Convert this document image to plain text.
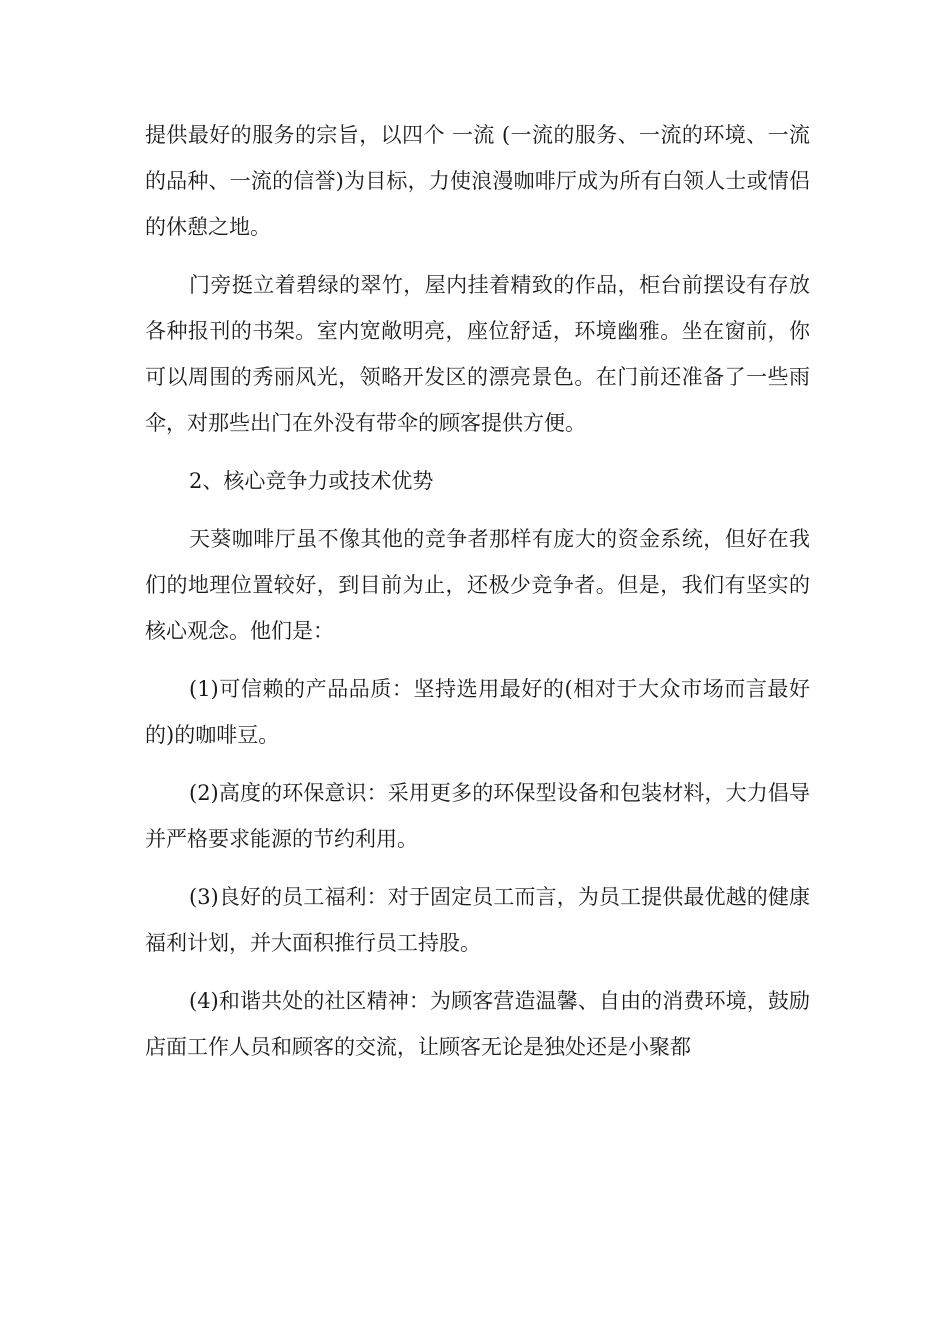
提供最好的服务的宗旨，以四个 一流 (一流的服务、一流的环境、一流的品种、一流的信誉)为目标，力使浪漫咖啡厅成为所有白领人士或情侣的休憩之地。

门旁挺立着碧绿的翠竹，屋内挂着精致的作品，柜台前摆设有存放各种报刊的书架。室内宽敞明亮，座位舒适，环境幽雅。坐在窗前，你可以周围的秀丽风光，领略开发区的漂亮景色。在门前还准备了一些雨伞，对那些出门在外没有带伞的顾客提供方便。

2、核心竞争力或技术优势

天葵咖啡厅虽不像其他的竞争者那样有庞大的资金系统，但好在我们的地理位置较好，到目前为止，还极少竞争者。但是，我们有坚实的核心观念。他们是：

(1)可信赖的产品品质：坚持选用最好的(相对于大众市场而言最好的)的咖啡豆。

(2)高度的环保意识：采用更多的环保型设备和包装材料，大力倡导并严格要求能源的节约利用。

(3)良好的员工福利：对于固定员工而言，为员工提供最优越的健康福利计划，并大面积推行员工持股。

(4)和谐共处的社区精神：为顾客营造温馨、自由的消费环境，鼓励店面工作人员和顾客的交流，让顾客无论是独处还是小聚都
